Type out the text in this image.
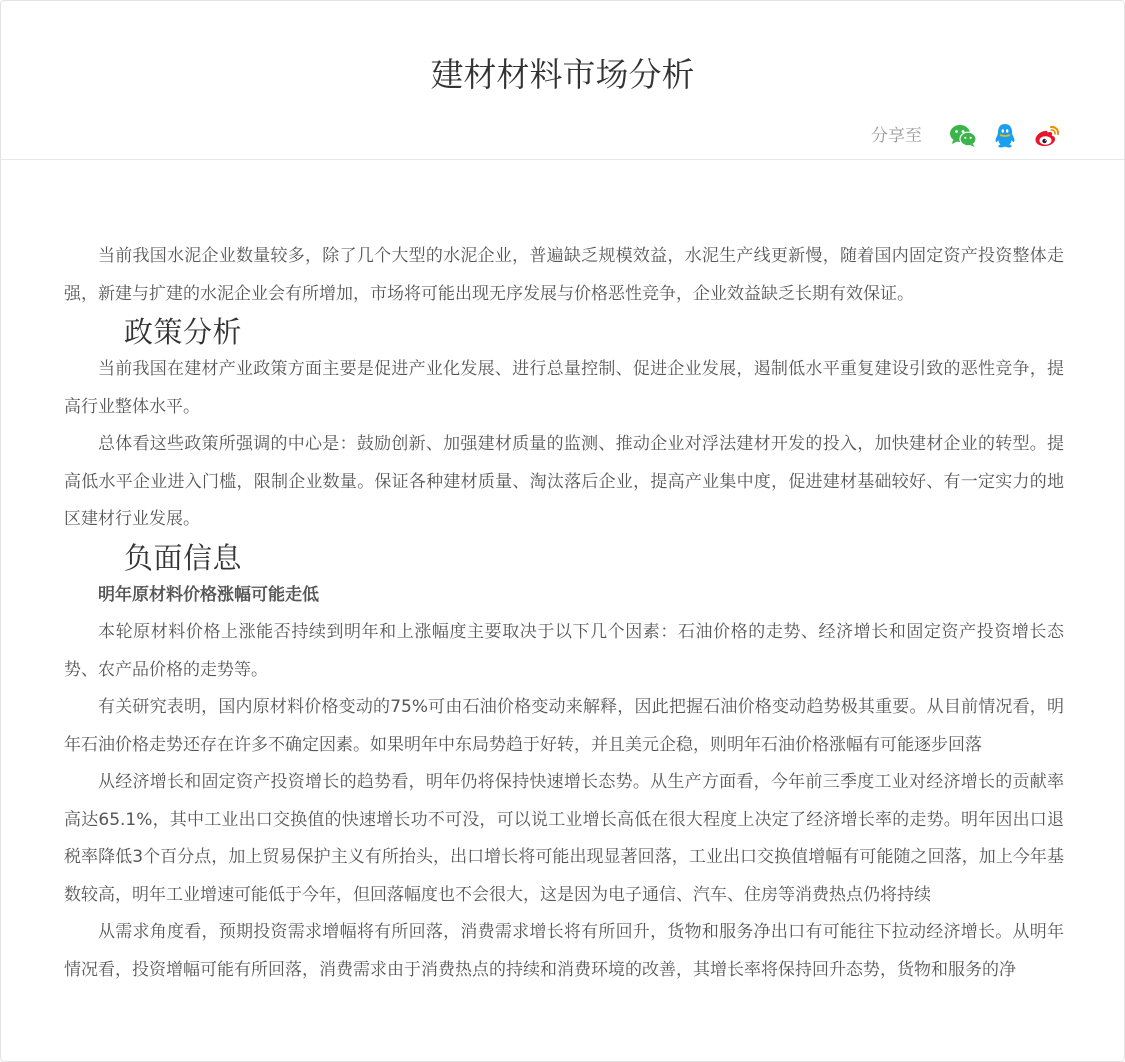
建材材料市场分析
分享至

当前我国水泥企业数量较多，除了几个大型的水泥企业，普遍缺乏规模效益，水泥生产线更新慢，随着国内固定资产投资整体走强，新建与扩建的水泥企业会有所增加，市场将可能出现无序发展与价格恶性竞争，企业效益缺乏长期有效保证。

政策分析

当前我国在建材产业政策方面主要是促进产业化发展、进行总量控制、促进企业发展，遏制低水平重复建设引致的恶性竞争，提高行业整体水平。

总体看这些政策所强调的中心是：鼓励创新、加强建材质量的监测、推动企业对浮法建材开发的投入，加快建材企业的转型。提高低水平企业进入门槛，限制企业数量。保证各种建材质量、淘汰落后企业，提高产业集中度，促进建材基础较好、有一定实力的地区建材行业发展。

负面信息

明年原材料价格涨幅可能走低

本轮原材料价格上涨能否持续到明年和上涨幅度主要取决于以下几个因素：石油价格的走势、经济增长和固定资产投资增长态势、农产品价格的走势等。

有关研究表明，国内原材料价格变动的75%可由石油价格变动来解释，因此把握石油价格变动趋势极其重要。从目前情况看，明年石油价格走势还存在许多不确定因素。如果明年中东局势趋于好转，并且美元企稳，则明年石油价格涨幅有可能逐步回落

从经济增长和固定资产投资增长的趋势看，明年仍将保持快速增长态势。从生产方面看，今年前三季度工业对经济增长的贡献率高达65.1%，其中工业出口交换值的快速增长功不可没，可以说工业增长高低在很大程度上决定了经济增长率的走势。明年因出口退税率降低3个百分点，加上贸易保护主义有所抬头，出口增长将可能出现显著回落，工业出口交换值增幅有可能随之回落，加上今年基数较高，明年工业增速可能低于今年，但回落幅度也不会很大，这是因为电子通信、汽车、住房等消费热点仍将持续

从需求角度看，预期投资需求增幅将有所回落，消费需求增长将有所回升，货物和服务净出口有可能往下拉动经济增长。从明年情况看，投资增幅可能有所回落，消费需求由于消费热点的持续和消费环境的改善，其增长率将保持回升态势，货物和服务的净
